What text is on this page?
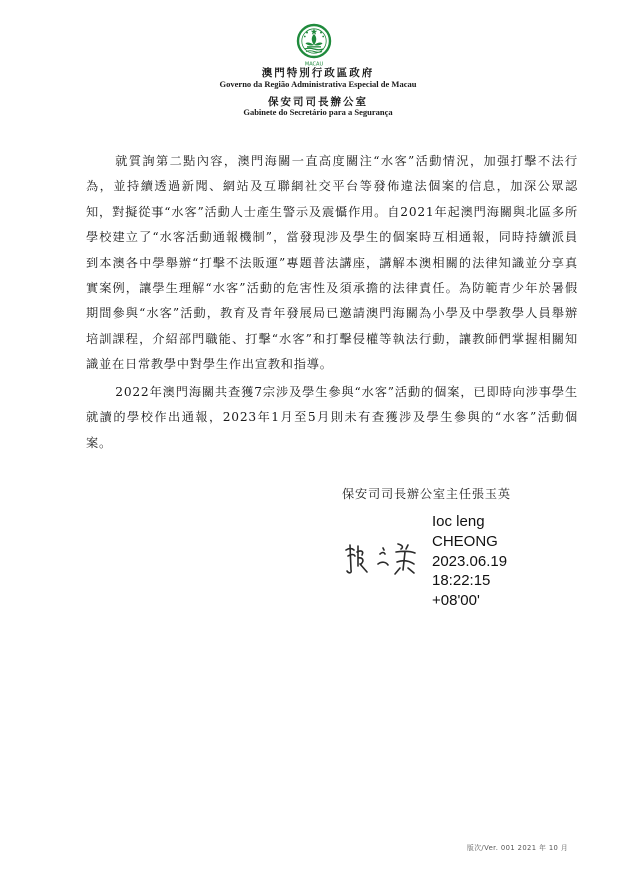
MACAU
澳門特別行政區政府
Governo da Região Administrativa Especial de Macau
保安司司長辦公室
Gabinete do Secretário para a Segurança

就質詢第二點內容，澳門海關一直高度關注“水客”活動情況，加强打擊不法行為，並持續透過新聞、網站及互聯網社交平台等發佈違法個案的信息，加深公眾認知，對擬從事“水客”活動人士產生警示及震懾作用。自2021年起澳門海關與北區多所學校建立了“水客活動通報機制”，當發現涉及學生的個案時互相通報，同時持續派員到本澳各中學舉辦“打擊不法販運”專題普法講座，講解本澳相關的法律知識並分享真實案例，讓學生理解“水客”活動的危害性及須承擔的法律責任。為防範青少年於暑假期間參與“水客”活動，教育及青年發展局已邀請澳門海關為小學及中學教學人員舉辦培訓課程，介紹部門職能、打擊“水客”和打擊侵權等執法行動，讓教師們掌握相關知識並在日常教學中對學生作出宣教和指導。

2022年澳門海關共查獲7宗涉及學生參與“水客”活動的個案，已即時向涉事學生就讀的學校作出通報，2023年1月至5月則未有查獲涉及學生參與的“水客”活動個案。

保安司司長辦公室主任張玉英

Ioc leng
CHEONG
2023.06.19
18:22:15
+08'00'
版次/Ver. 001 2021 年 10 月
